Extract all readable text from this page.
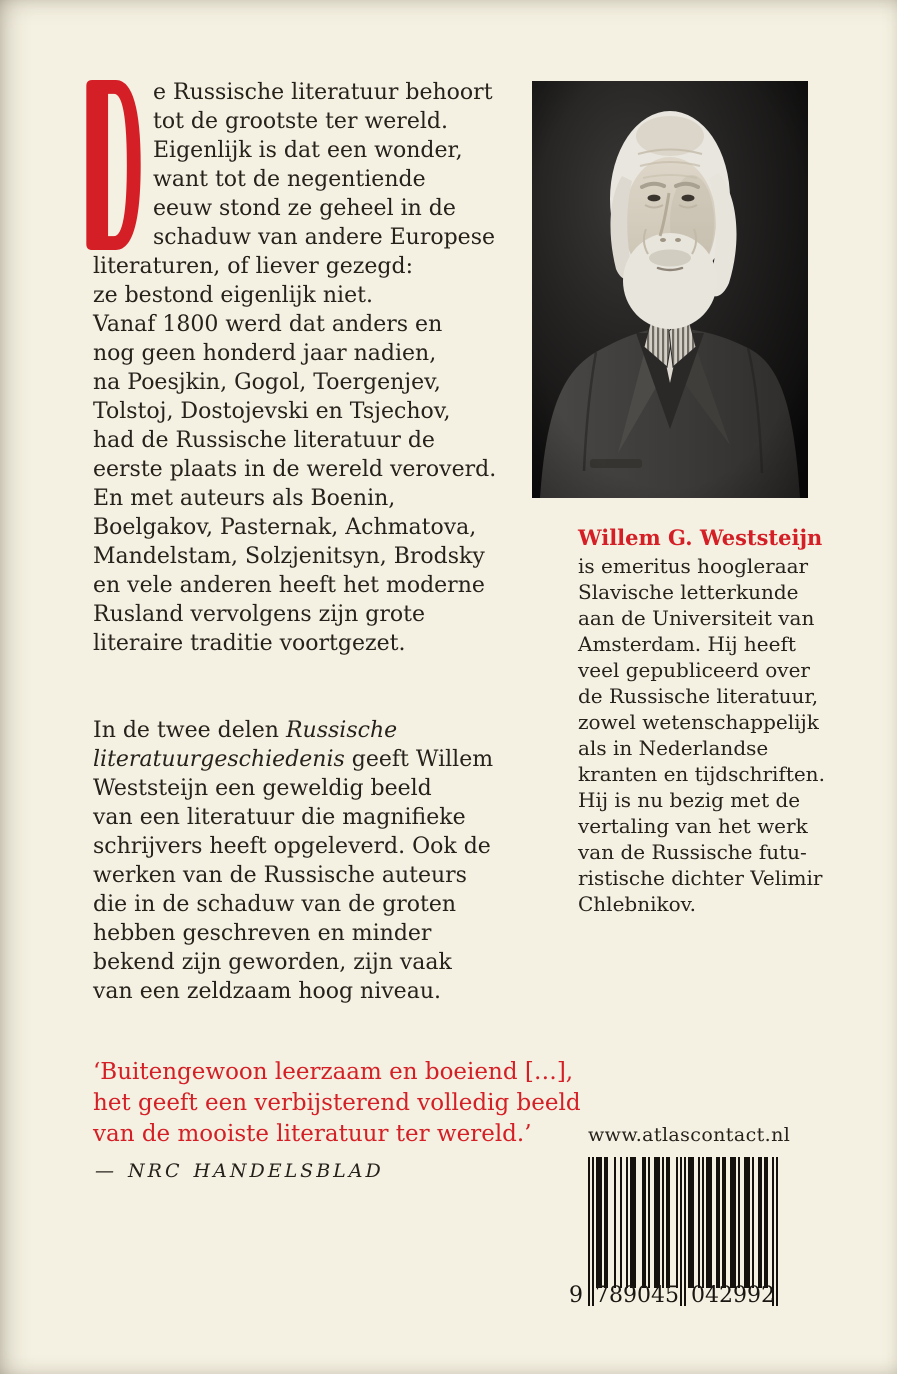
e Russische literatuur behoort
tot de grootste ter wereld.
Eigenlijk is dat een wonder,
want tot de negentiende
eeuw stond ze geheel in de
schaduw van andere Europese
literaturen, of liever gezegd:
ze bestond eigenlijk niet.
Vanaf 1800 werd dat anders en
nog geen honderd jaar nadien,
na Poesjkin, Gogol, Toergenjev,
Tolstoj, Dostojevski en Tsjechov,
had de Russische literatuur de
eerste plaats in de wereld veroverd.
En met auteurs als Boenin,
Boelgakov, Pasternak, Achmatova,
Mandelstam, Solzjenitsyn, Brodsky
en vele anderen heeft het moderne
Rusland vervolgens zijn grote
literaire traditie voortgezet.
In de twee delen Russische
literatuurgeschiedenis geeft Willem
Weststeijn een geweldig beeld
van een literatuur die magnifieke
schrijvers heeft opgeleverd. Ook de
werken van de Russische auteurs
die in de schaduw van de groten
hebben geschreven en minder
bekend zijn geworden, zijn vaak
van een zeldzaam hoog niveau.
‘Buitengewoon leerzaam en boeiend […],
het geeft een verbijsterend volledig beeld
van de mooiste literatuur ter wereld.’
— NRC HANDELSBLAD
Willem G. Weststeijn
is emeritus hoogleraar
Slavische letterkunde
aan de Universiteit van
Amsterdam. Hij heeft
veel gepubliceerd over
de Russische literatuur,
zowel wetenschappelijk
als in Nederlandse
kranten en tijdschriften.
Hij is nu bezig met de
vertaling van het werk
van de Russische futu-
ristische dichter Velimir
Chlebnikov.
www.atlascontact.nl
9 7 8 9 0 4 5 0 4 2 9 9 2
